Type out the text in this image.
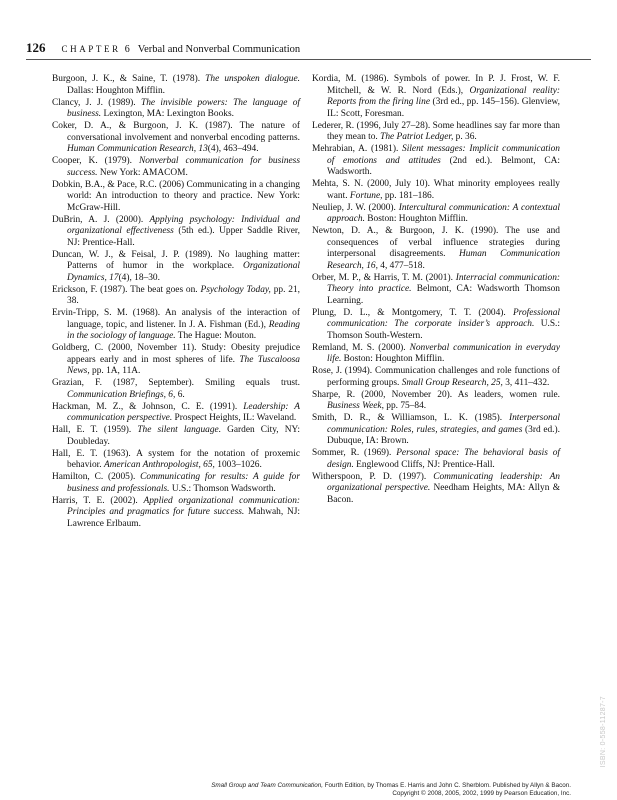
126 CHAPTER 6 Verbal and Nonverbal Communication
Burgoon, J. K., & Saine, T. (1978). The unspoken dialogue. Dallas: Houghton Mifflin.
Clancy, J. J. (1989). The invisible powers: The language of business. Lexington, MA: Lexington Books.
Coker, D. A., & Burgoon, J. K. (1987). The nature of conversational involvement and nonverbal encoding patterns. Human Communication Research, 13(4), 463–494.
Cooper, K. (1979). Nonverbal communication for business success. New York: AMACOM.
Dobkin, B.A., & Pace, R.C. (2006) Communicating in a changing world: An introduction to theory and practice. New York: McGraw-Hill.
DuBrin, A. J. (2000). Applying psychology: Individual and organizational effectiveness (5th ed.). Upper Saddle River, NJ: Prentice-Hall.
Duncan, W. J., & Feisal, J. P. (1989). No laughing matter: Patterns of humor in the workplace. Organizational Dynamics, 17(4), 18–30.
Erickson, F. (1987). The beat goes on. Psychology Today, pp. 21, 38.
Ervin-Tripp, S. M. (1968). An analysis of the interaction of language, topic, and listener. In J. A. Fishman (Ed.), Reading in the sociology of language. The Hague: Mouton.
Goldberg, C. (2000, November 11). Study: Obesity prejudice appears early and in most spheres of life. The Tuscaloosa News, pp. 1A, 11A.
Grazian, F. (1987, September). Smiling equals trust. Communication Briefings, 6, 6.
Hackman, M. Z., & Johnson, C. E. (1991). Leadership: A communication perspective. Prospect Heights, IL: Waveland.
Hall, E. T. (1959). The silent language. Garden City, NY: Doubleday.
Hall, E. T. (1963). A system for the notation of proxemic behavior. American Anthropologist, 65, 1003–1026.
Hamilton, C. (2005). Communicating for results: A guide for business and professionals. U.S.: Thomson Wadsworth.
Harris, T. E. (2002). Applied organizational communication: Principles and pragmatics for future success. Mahwah, NJ: Lawrence Erlbaum.
Kordia, M. (1986). Symbols of power. In P. J. Frost, W. F. Mitchell, & W. R. Nord (Eds.), Organizational reality: Reports from the firing line (3rd ed., pp. 145–156). Glenview, IL: Scott, Foresman.
Lederer, R. (1996, July 27–28). Some headlines say far more than they mean to. The Patriot Ledger, p. 36.
Mehrabian, A. (1981). Silent messages: Implicit communication of emotions and attitudes (2nd ed.). Belmont, CA: Wadsworth.
Mehta, S. N. (2000, July 10). What minority employees really want. Fortune, pp. 181–186.
Neuliep, J. W. (2000). Intercultural communication: A contextual approach. Boston: Houghton Mifflin.
Newton, D. A., & Burgoon, J. K. (1990). The use and consequences of verbal influence strategies during interpersonal disagreements. Human Communication Research, 16, 4, 477–518.
Orber, M. P., & Harris, T. M. (2001). Interracial communication: Theory into practice. Belmont, CA: Wadsworth Thomson Learning.
Plung, D. L., & Montgomery, T. T. (2004). Professional communication: The corporate insider’s approach. U.S.: Thomson South-Western.
Remland, M. S. (2000). Nonverbal communication in everyday life. Boston: Houghton Mifflin.
Rose, J. (1994). Communication challenges and role functions of performing groups. Small Group Research, 25, 3, 411–432.
Sharpe, R. (2000, November 20). As leaders, women rule. Business Week, pp. 75–84.
Smith, D. R., & Williamson, L. K. (1985). Interpersonal communication: Roles, rules, strategies, and games (3rd ed.). Dubuque, IA: Brown.
Sommer, R. (1969). Personal space: The behavioral basis of design. Englewood Cliffs, NJ: Prentice-Hall.
Witherspoon, P. D. (1997). Communicating leadership: An organizational perspective. Needham Heights, MA: Allyn & Bacon.
ISBN: 0-558-11287-7
Small Group and Team Communication, Fourth Edition, by Thomas E. Harris and John C. Sherblom. Published by Allyn & Bacon.
Copyright © 2008, 2005, 2002, 1999 by Pearson Education, Inc.
